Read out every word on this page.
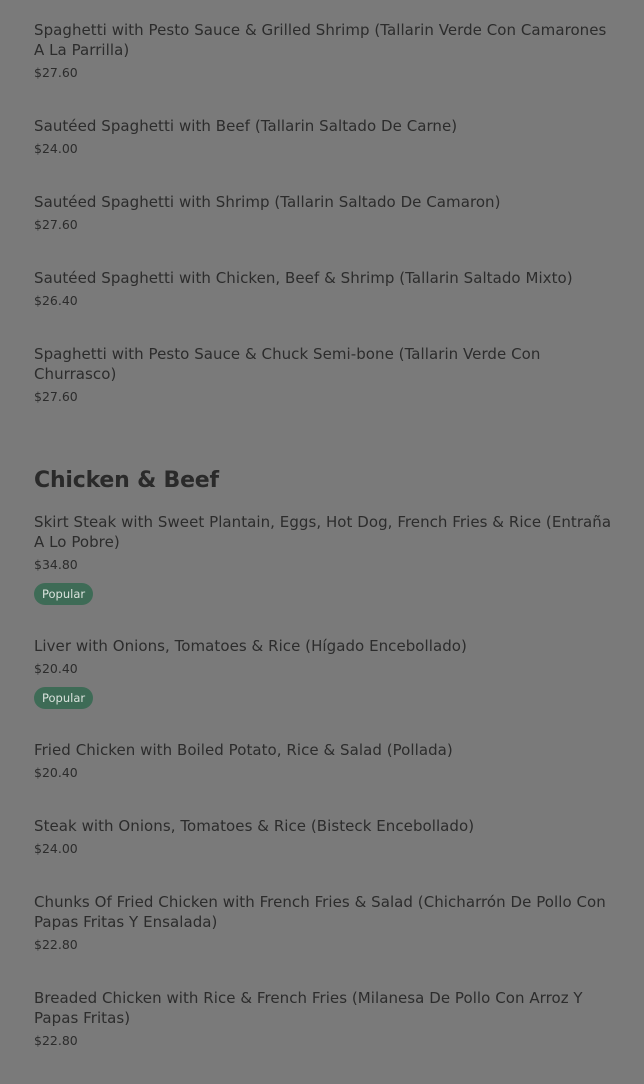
Spaghetti with Pesto Sauce & Grilled Shrimp (Tallarin Verde Con Camarones A La Parrilla)
$27.60
Sautéed Spaghetti with Beef (Tallarin Saltado De Carne)
$24.00
Sautéed Spaghetti with Shrimp (Tallarin Saltado De Camaron)
$27.60
Sautéed Spaghetti with Chicken, Beef & Shrimp (Tallarin Saltado Mixto)
$26.40
Spaghetti with Pesto Sauce & Chuck Semi-bone (Tallarin Verde Con Churrasco)
$27.60
Chicken & Beef
Skirt Steak with Sweet Plantain, Eggs, Hot Dog, French Fries & Rice (Entraña A Lo Pobre)
$34.80
Popular
Liver with Onions, Tomatoes & Rice (Hígado Encebollado)
$20.40
Popular
Fried Chicken with Boiled Potato, Rice & Salad (Pollada)
$20.40
Steak with Onions, Tomatoes & Rice (Bisteck Encebollado)
$24.00
Chunks Of Fried Chicken with French Fries & Salad (Chicharrón De Pollo Con Papas Fritas Y Ensalada)
$22.80
Breaded Chicken with Rice & French Fries (Milanesa De Pollo Con Arroz Y Papas Fritas)
$22.80
